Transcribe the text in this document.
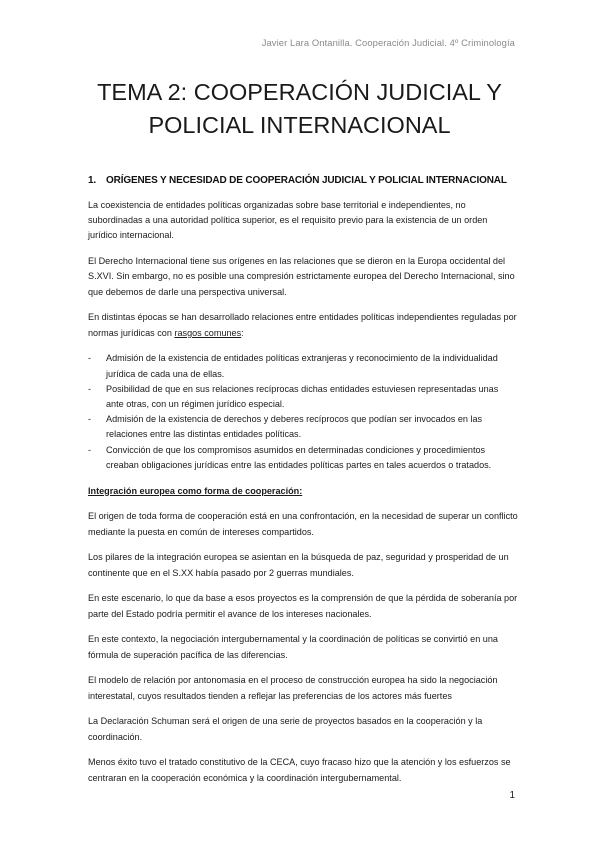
Javier Lara Ontanilla. Cooperación Judicial. 4º Criminología
TEMA 2: COOPERACIÓN JUDICIAL Y
POLICIAL INTERNACIONAL
1. ORÍGENES Y NECESIDAD DE COOPERACIÓN JUDICIAL Y POLICIAL INTERNACIONAL

La coexistencia de entidades políticas organizadas sobre base territorial e independientes, no subordinadas a una autoridad política superior, es el requisito previo para la existencia de un orden jurídico internacional.

El Derecho Internacional tiene sus orígenes en las relaciones que se dieron en la Europa occidental del S.XVI. Sin embargo, no es posible una compresión estrictamente europea del Derecho Internacional, sino que debemos de darle una perspectiva universal.

En distintas épocas se han desarrollado relaciones entre entidades políticas independientes reguladas por normas jurídicas con rasgos comunes:

- Admisión de la existencia de entidades políticas extranjeras y reconocimiento de la individualidad jurídica de cada una de ellas.
- Posibilidad de que en sus relaciones recíprocas dichas entidades estuviesen representadas unas ante otras, con un régimen jurídico especial.
- Admisión de la existencia de derechos y deberes recíprocos que podían ser invocados en las relaciones entre las distintas entidades políticas.
- Convicción de que los compromisos asumidos en determinadas condiciones y procedimientos creaban obligaciones jurídicas entre las entidades políticas partes en tales acuerdos o tratados.

Integración europea como forma de cooperación:

El origen de toda forma de cooperación está en una confrontación, en la necesidad de superar un conflicto mediante la puesta en común de intereses compartidos.

Los pilares de la integración europea se asientan en la búsqueda de paz, seguridad y prosperidad de un continente que en el S.XX había pasado por 2 guerras mundiales.

En este escenario, lo que da base a esos proyectos es la comprensión de que la pérdida de soberanía por parte del Estado podría permitir el avance de los intereses nacionales.

En este contexto, la negociación intergubernamental y la coordinación de políticas se convirtió en una fórmula de superación pacífica de las diferencias.

El modelo de relación por antonomasia en el proceso de construcción europea ha sido la negociación interestatal, cuyos resultados tienden a reflejar las preferencias de los actores más fuertes

La Declaración Schuman será el origen de una serie de proyectos basados en la cooperación y la coordinación.

Menos éxito tuvo el tratado constitutivo de la CECA, cuyo fracaso hizo que la atención y los esfuerzos se centraran en la cooperación económica y la coordinación intergubernamental.

1
